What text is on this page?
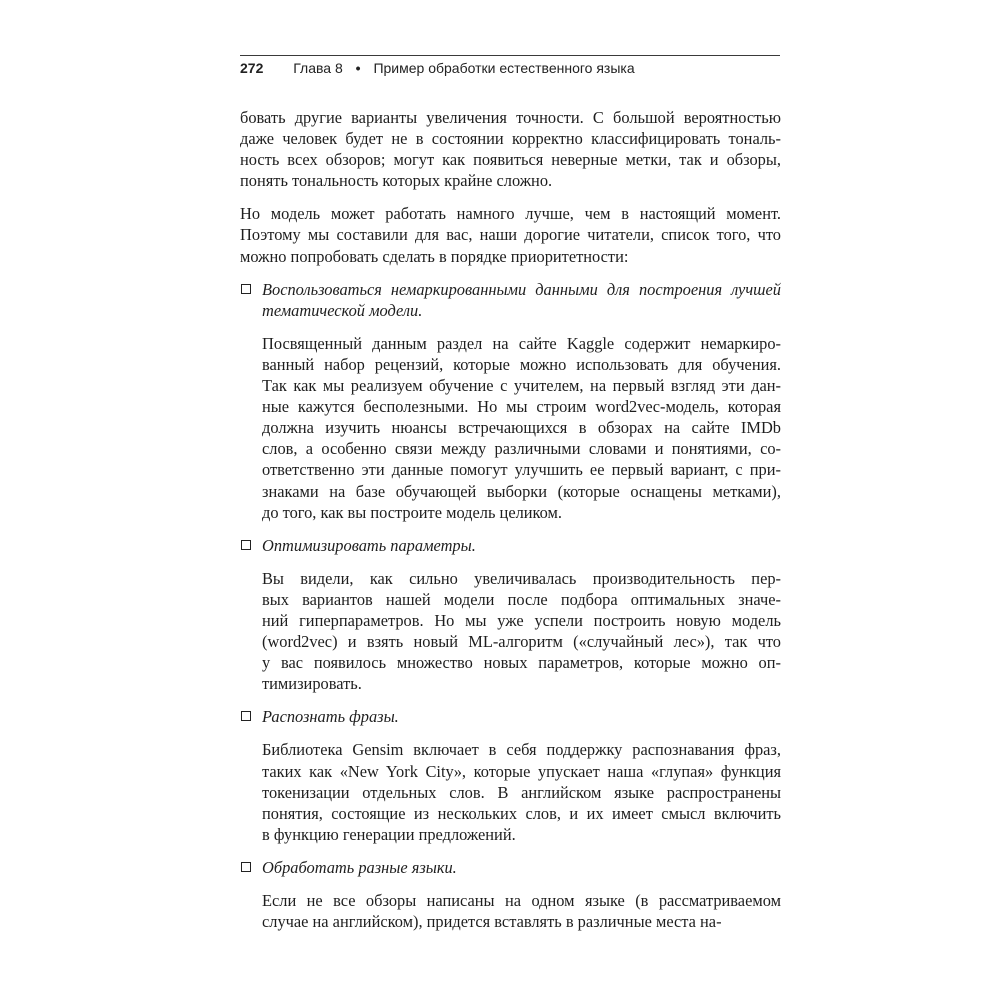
272 Глава 8 • Пример обработки естественного языка
бовать другие варианты увеличения точности. С большой вероятностью
даже человек будет не в состоянии корректно классифицировать тональ-
ность всех обзоров; могут как появиться неверные метки, так и обзоры,
понять тональность которых крайне сложно.
Но модель может работать намного лучше, чем в настоящий момент.
Поэтому мы составили для вас, наши дорогие читатели, список того, что
можно попробовать сделать в порядке приоритетности:
Воспользоваться немаркированными данными для построения лучшей
тематической модели.
Посвященный данным раздел на сайте Kaggle содержит немаркиро-
ванный набор рецензий, которые можно использовать для обучения.
Так как мы реализуем обучение с учителем, на первый взгляд эти дан-
ные кажутся бесполезными. Но мы строим word2vec-модель, которая
должна изучить нюансы встречающихся в обзорах на сайте IMDb
слов, а особенно связи между различными словами и понятиями, со-
ответственно эти данные помогут улучшить ее первый вариант, с при-
знаками на базе обучающей выборки (которые оснащены метками),
до того, как вы построите модель целиком.
Оптимизировать параметры.
Вы видели, как сильно увеличивалась производительность пер-
вых вариантов нашей модели после подбора оптимальных значе-
ний гиперпараметров. Но мы уже успели построить новую модель
(word2vec) и взять новый ML-алгоритм («случайный лес»), так что
у вас появилось множество новых параметров, которые можно оп-
тимизировать.
Распознать фразы.
Библиотека Gensim включает в себя поддержку распознавания фраз,
таких как «New York City», которые упускает наша «глупая» функция
токенизации отдельных слов. В английском языке распространены
понятия, состоящие из нескольких слов, и их имеет смысл включить
в функцию генерации предложений.
Обработать разные языки.
Если не все обзоры написаны на одном языке (в рассматриваемом
случае на английском), придется вставлять в различные места на-
